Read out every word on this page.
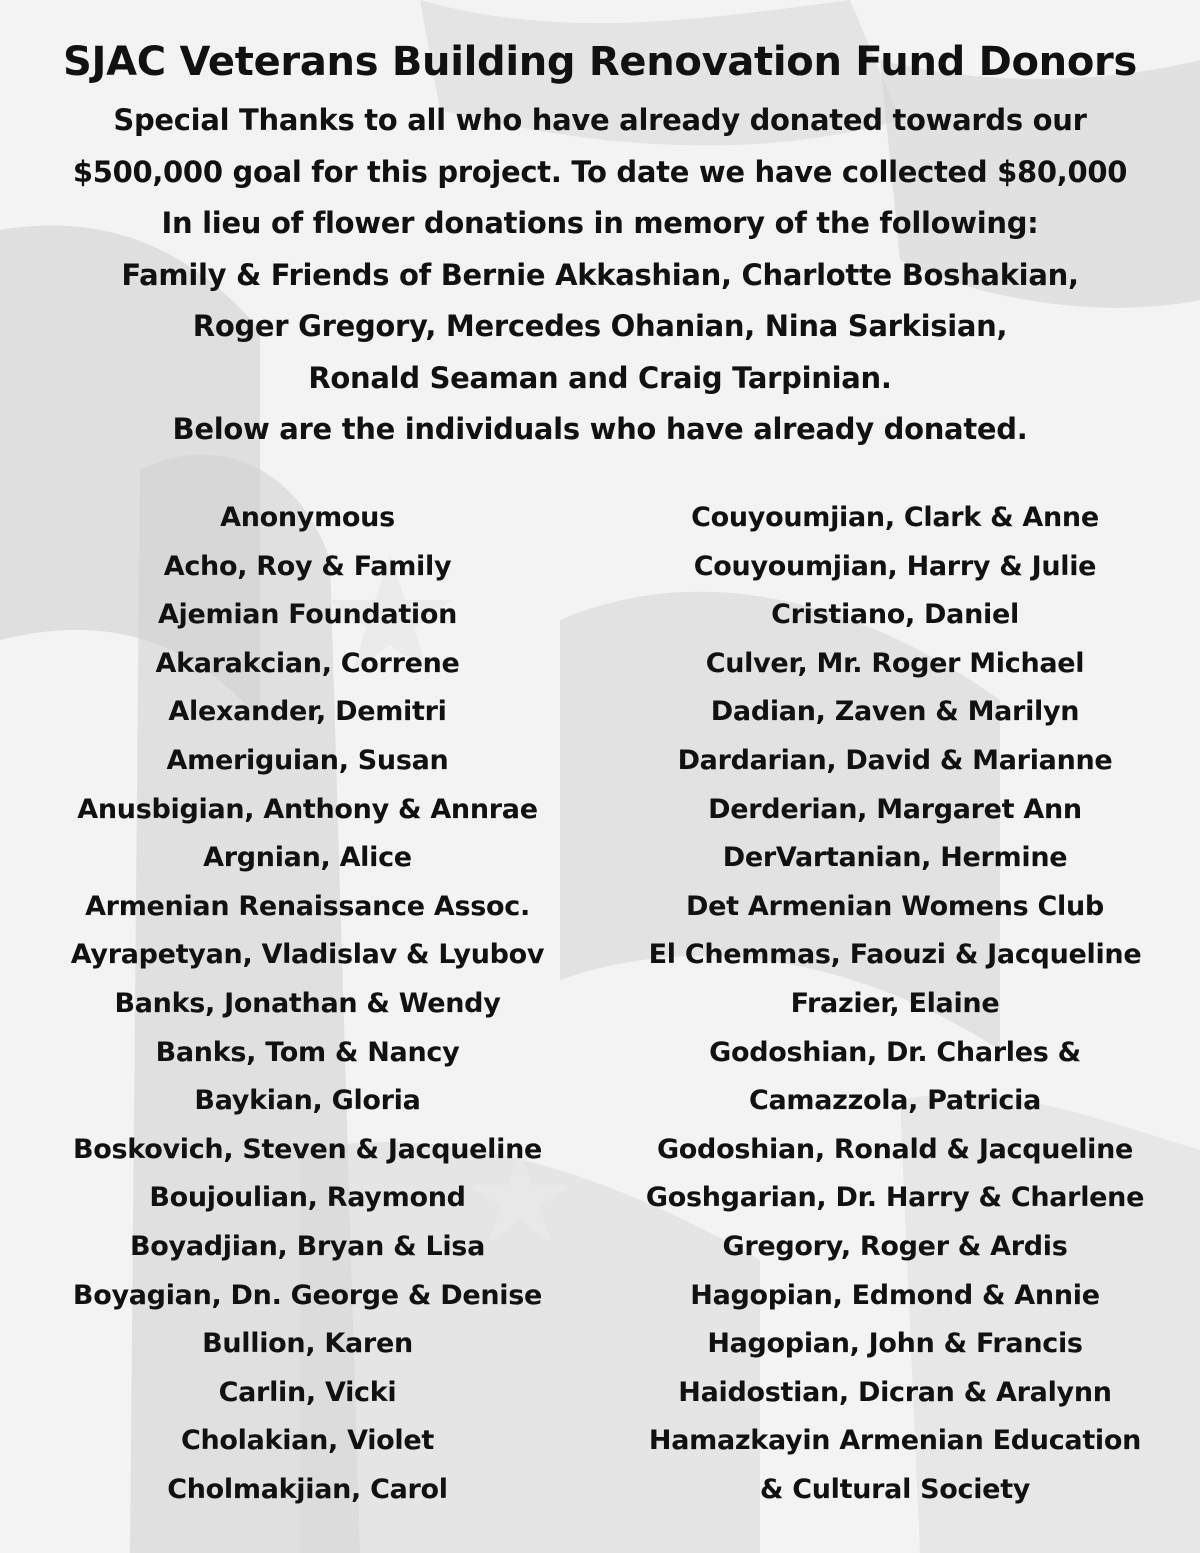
SJAC Veterans Building Renovation Fund Donors
Special Thanks to all who have already donated towards our
$500,000 goal for this project. To date we have collected $80,000
In lieu of flower donations in memory of the following:
Family & Friends of Bernie Akkashian, Charlotte Boshakian,
Roger Gregory, Mercedes Ohanian, Nina Sarkisian,
Ronald Seaman and Craig Tarpinian.
Below are the individuals who have already donated.
Anonymous
Acho, Roy & Family
Ajemian Foundation
Akarakcian, Correne
Alexander, Demitri
Ameriguian, Susan
Anusbigian, Anthony & Annrae
Argnian, Alice
Armenian Renaissance Assoc.
Ayrapetyan, Vladislav & Lyubov
Banks, Jonathan & Wendy
Banks, Tom & Nancy
Baykian, Gloria
Boskovich, Steven & Jacqueline
Boujoulian, Raymond
Boyadjian, Bryan & Lisa
Boyagian, Dn. George & Denise
Bullion, Karen
Carlin, Vicki
Cholakian, Violet
Cholmakjian, Carol
Couyoumjian, Clark & Anne
Couyoumjian, Harry & Julie
Cristiano, Daniel
Culver, Mr. Roger Michael
Dadian, Zaven & Marilyn
Dardarian, David & Marianne
Derderian, Margaret Ann
DerVartanian, Hermine
Det Armenian Womens Club
El Chemmas, Faouzi & Jacqueline
Frazier, Elaine
Godoshian, Dr. Charles &
Camazzola, Patricia
Godoshian, Ronald & Jacqueline
Goshgarian, Dr. Harry & Charlene
Gregory, Roger & Ardis
Hagopian, Edmond & Annie
Hagopian, John & Francis
Haidostian, Dicran & Aralynn
Hamazkayin Armenian Education
& Cultural Society
